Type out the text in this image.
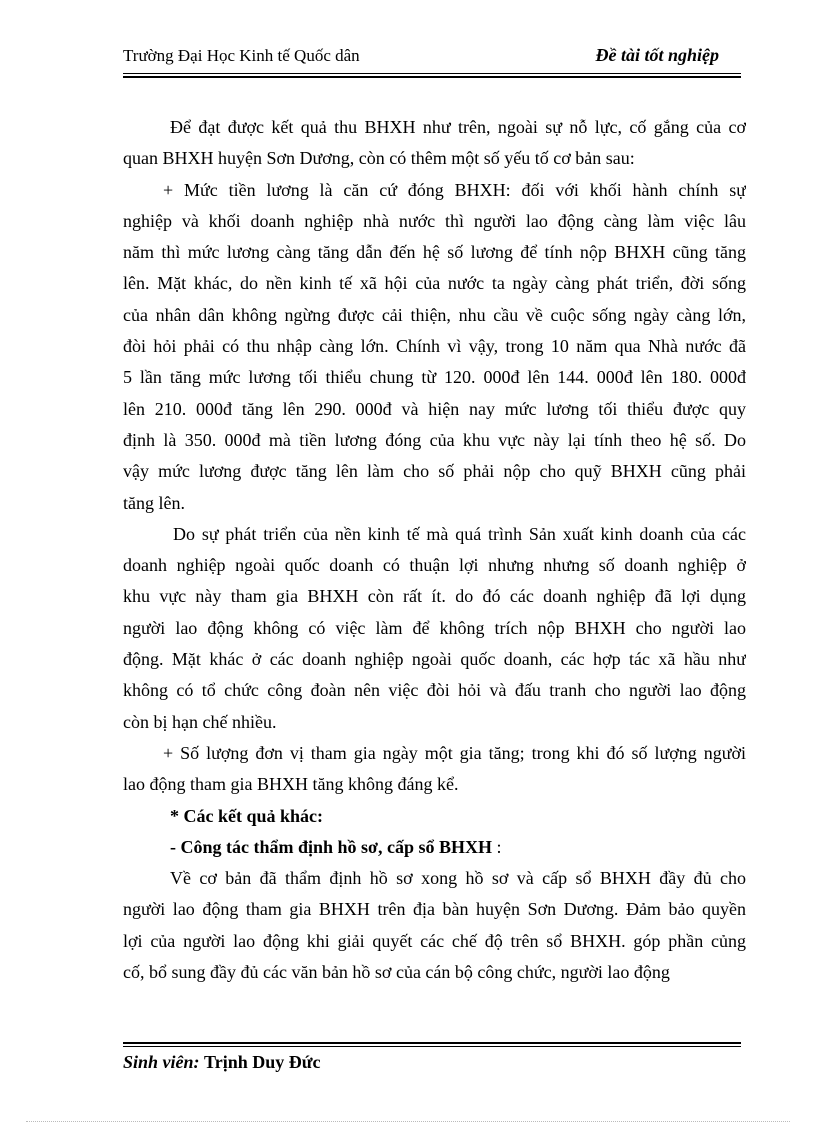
Trường Đại Học Kinh tế Quốc dân	Đề tài tốt nghiệp
Để đạt được kết quả thu BHXH như trên, ngoài sự nỗ lực, cố gắng của cơ
quan BHXH huyện Sơn Dương, còn có thêm một số yếu tố cơ bản sau:
+ Mức tiền lương là căn cứ đóng BHXH: đối với khối hành chính sự
nghiệp và khối doanh nghiệp nhà nước thì người lao động càng làm việc lâu
năm thì mức lương càng tăng dẫn đến hệ số lương để tính nộp BHXH cũng tăng
lên. Mặt khác, do nền kinh tế xã hội của nước ta ngày càng phát triển, đời sống
của nhân dân không ngừng được cải thiện, nhu cầu về cuộc sống ngày càng lớn,
đòi hỏi phải có thu nhập càng lớn. Chính vì vậy, trong 10 năm qua Nhà nước đã
5 lần tăng mức lương tối thiểu chung từ 120. 000đ lên 144. 000đ lên 180. 000đ
lên 210. 000đ tăng lên 290. 000đ và hiện nay mức lương tối thiểu được quy
định là 350. 000đ mà tiền lương đóng của khu vực này lại tính theo hệ số. Do
vậy mức lương được tăng lên làm cho số phải nộp cho quỹ BHXH cũng phải
tăng lên.
Do sự phát triển của nền kinh tế mà quá trình Sản xuất kinh doanh của các
doanh nghiệp ngoài quốc doanh có thuận lợi nhưng nhưng số doanh nghiệp ở
khu vực này tham gia BHXH còn rất ít. do đó các doanh nghiệp đã lợi dụng
người lao động không có việc làm để không trích nộp BHXH cho người lao
động. Mặt khác ở các doanh nghiệp ngoài quốc doanh, các hợp tác xã hầu như
không có tổ chức công đoàn nên việc đòi hỏi và đấu tranh cho người lao động
còn bị hạn chế nhiều.
+ Số lượng đơn vị tham gia ngày một gia tăng; trong khi đó số lượng người
lao động tham gia BHXH tăng không đáng kể.
* Các kết quả khác:
- Công tác thẩm định hồ sơ, cấp sổ BHXH :
Về cơ bản đã thẩm định hồ sơ xong hồ sơ và cấp sổ BHXH đầy đủ cho
người lao động tham gia BHXH trên địa bàn huyện Sơn Dương. Đảm bảo quyền
lợi của người lao động khi giải quyết các chế độ trên sổ BHXH. góp phần củng
cố, bổ sung đầy đủ các văn bản hồ sơ của cán bộ công chức, người lao động
Sinh viên: Trịnh Duy Đức
